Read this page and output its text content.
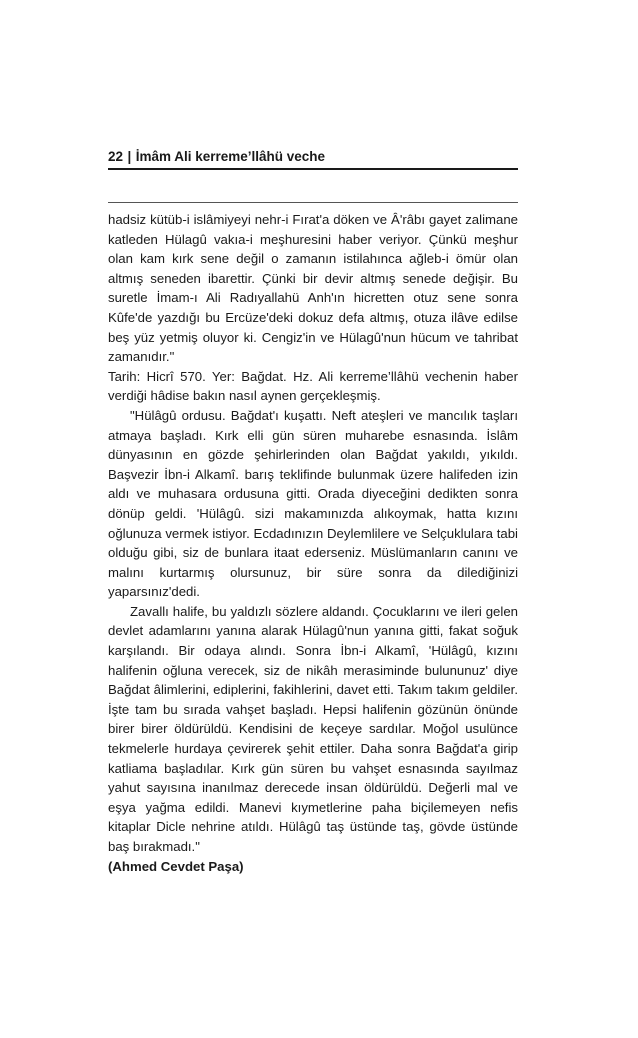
22 | İmâm Ali kerreme’llâhü veche

hadsiz kütüb-i islâmiyeyi nehr-i Fırat'a döken ve Â'râbı gayet zalimane katleden Hülagû vakıa-i meşhuresini haber veriyor. Çünkü meşhur olan kam kırk sene değil o zamanın istilahınca ağleb-i ömür olan altmış seneden ibarettir. Çünki bir devir altmış senede değişir. Bu suretle İmam-ı Ali Radıyallahü Anh'ın hicretten otuz sene sonra Kûfe'de yazdığı bu Ercüze'deki dokuz defa altmış, otuza ilâve edilse beş yüz yetmiş oluyor ki. Cengiz'in ve Hülagû'nun hücum ve tahribat zamanıdır."

Tarih: Hicrî 570. Yer: Bağdat. Hz. Ali kerreme’llâhü vechenin haber verdiği hâdise bakın nasıl aynen gerçekleşmiş.

"Hülâgû ordusu. Bağdat'ı kuşattı. Neft ateşleri ve mancılık taşları atmaya başladı. Kırk elli gün süren muharebe esnasında. İslâm dünyasının en gözde şehirlerinden olan Bağdat yakıldı, yıkıldı. Başvezir İbn-i Alkamî. barış teklifinde bulunmak üzere halifeden izin aldı ve muhasara ordusuna gitti. Orada diyeceğini dedikten sonra dönüp geldi. 'Hülâgû. sizi makamınızda alıkoymak, hatta kızını oğlunuza vermek istiyor. Ecdadınızın Deylemlilere ve Selçuklulara tabi olduğu gibi, siz de bunlara itaat ederseniz. Müslümanların canını ve malını kurtarmış olursunuz, bir süre sonra da dilediğinizi yaparsınız'dedi.

Zavallı halife, bu yaldızlı sözlere aldandı. Çocuklarını ve ileri gelen devlet adamlarını yanına alarak Hülagû'nun yanına gitti, fakat soğuk karşılandı. Bir odaya alındı. Sonra İbn-i Alkamî, 'Hülâgû, kızını halifenin oğluna verecek, siz de nikâh merasiminde bulununuz' diye Bağdat âlimlerini, ediplerini, fakihlerini, davet etti. Takım takım geldiler. İşte tam bu sırada vahşet başladı. Hepsi halifenin gözünün önünde birer birer öldürüldü. Kendisini de keçeye sardılar. Moğol usulünce tekmelerle hurdaya çevirerek şehit ettiler. Daha sonra Bağdat'a girip katliama başladılar. Kırk gün süren bu vahşet esnasında sayılmaz yahut sayısına inanılmaz derecede insan öldürüldü. Değerli mal ve eşya yağma edildi. Manevi kıymetlerine paha biçilemeyen nefis kitaplar Dicle nehrine atıldı. Hülâgû taş üstünde taş, gövde üstünde baş bırakmadı."

(Ahmed Cevdet Paşa)
